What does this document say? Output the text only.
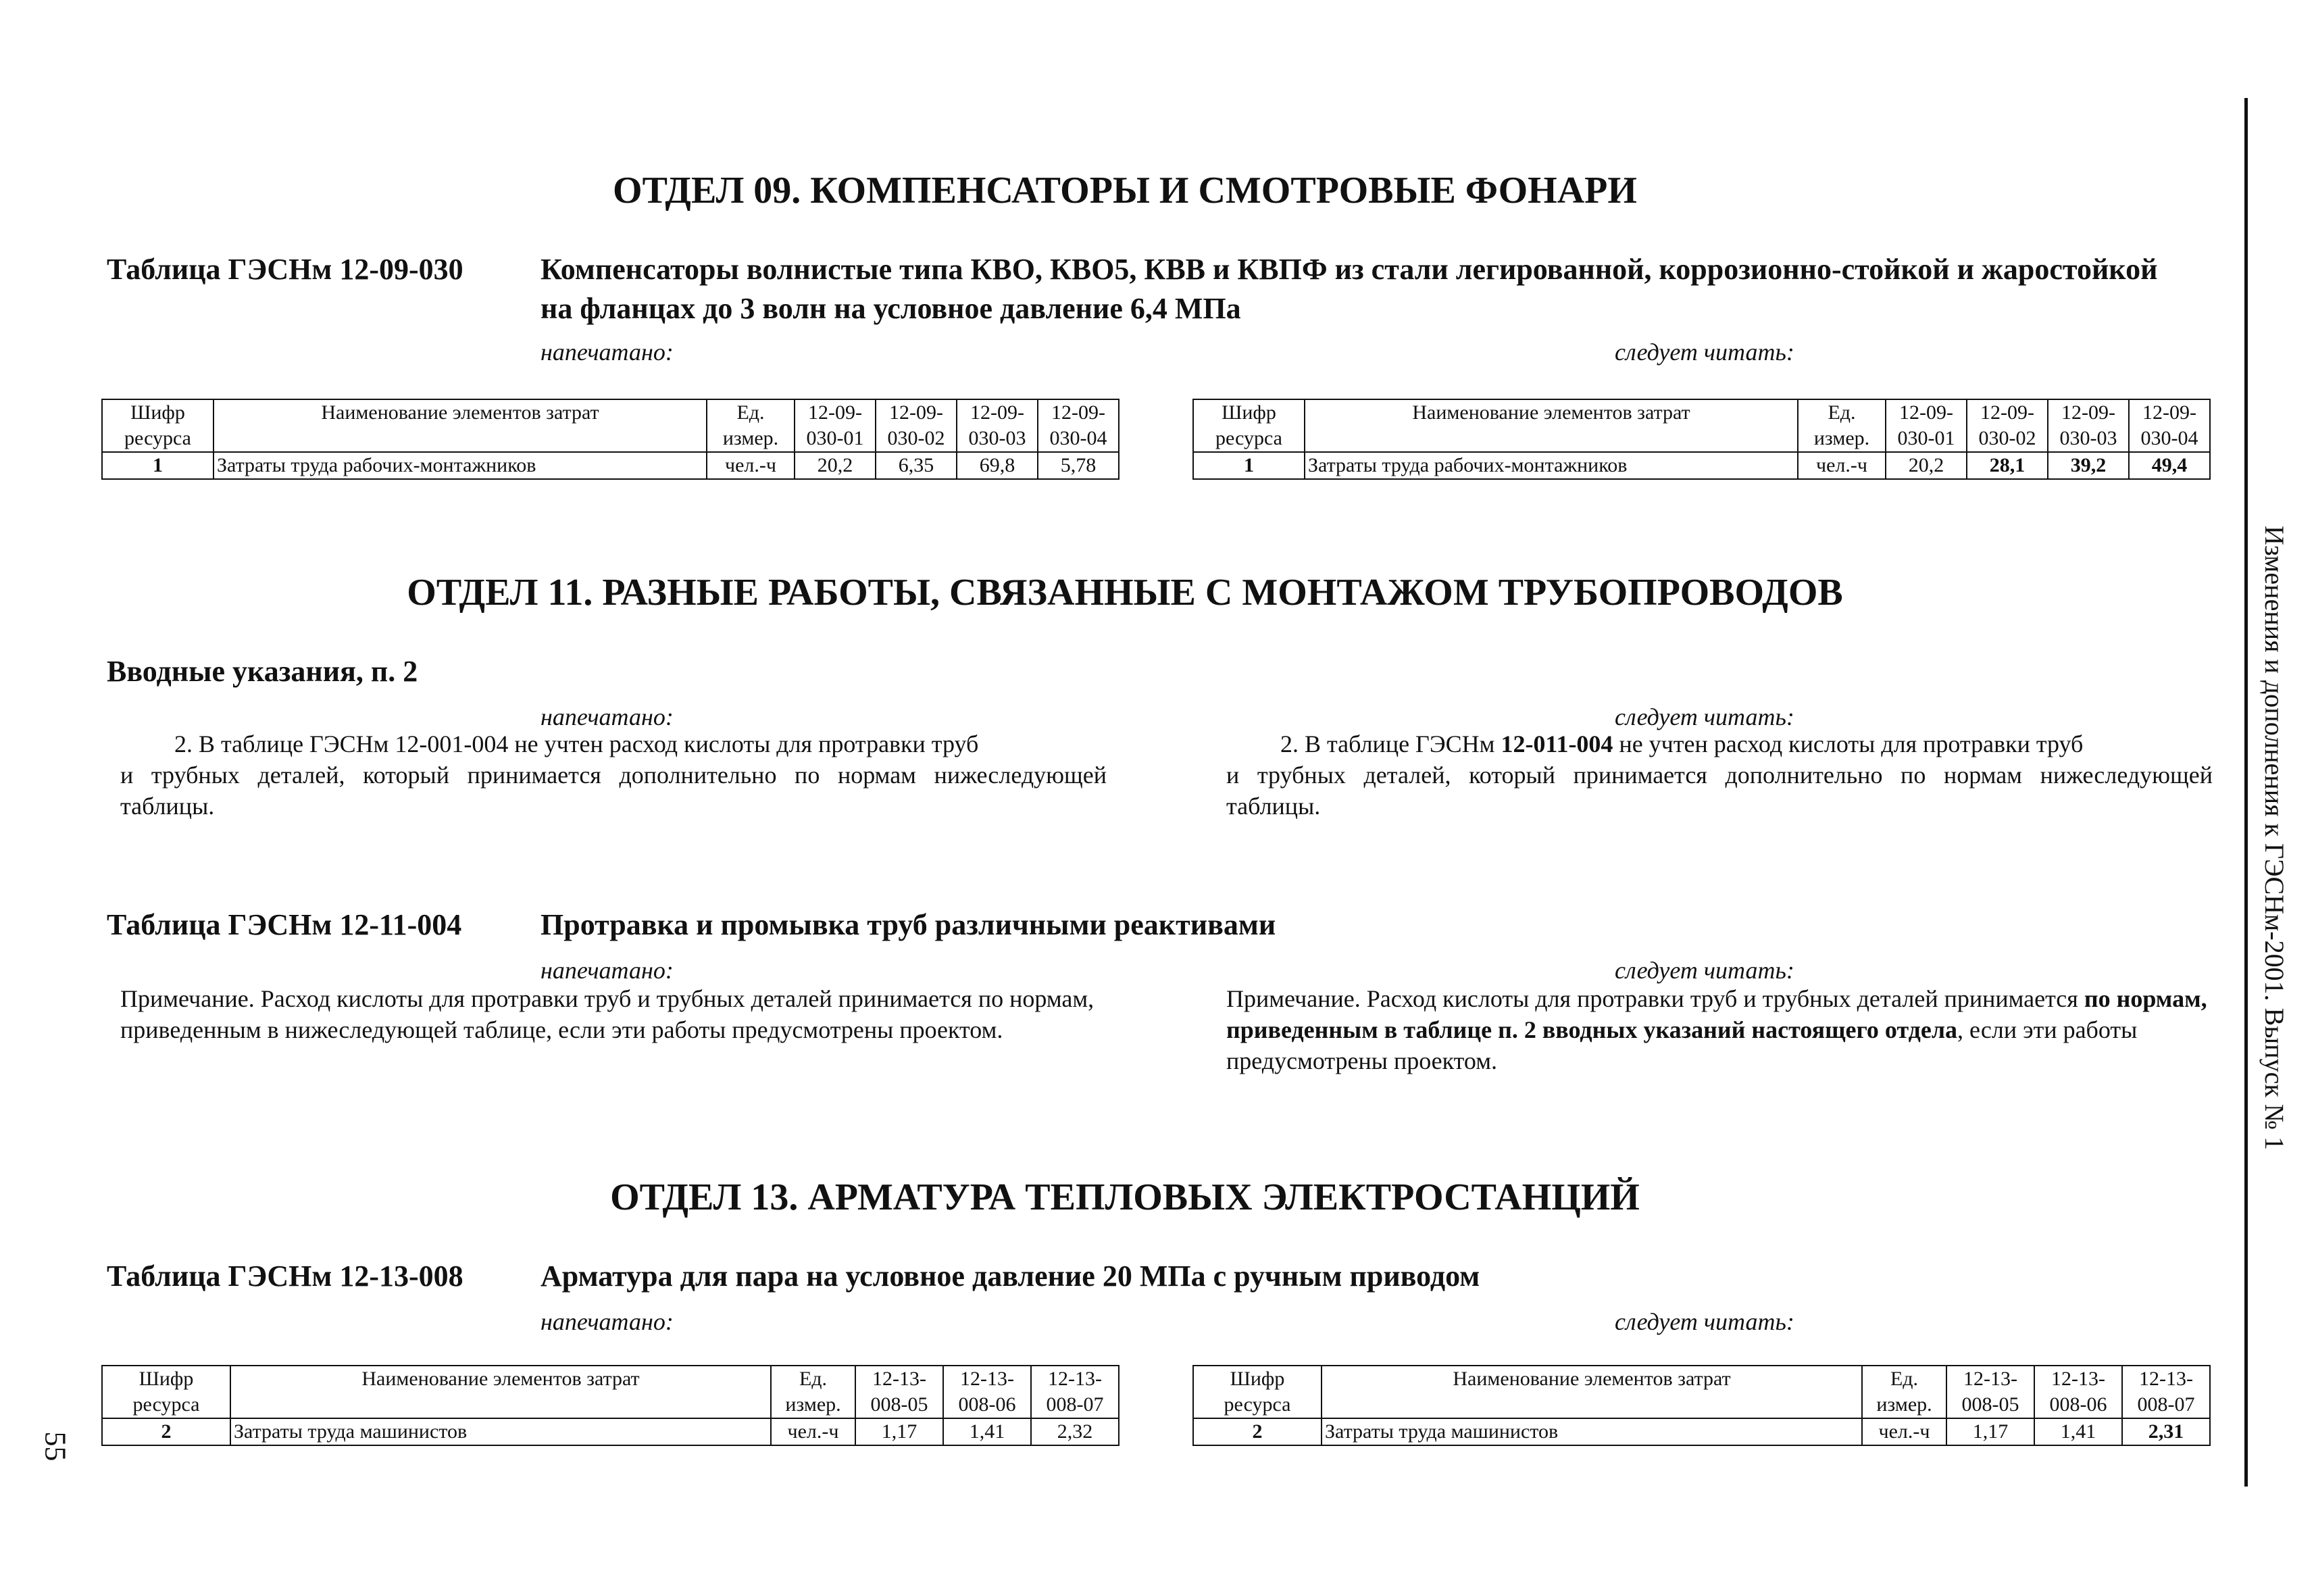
ОТДЕЛ 09. КОМПЕНСАТОРЫ И СМОТРОВЫЕ ФОНАРИ
Таблица ГЭСНм 12-09-030	Компенсаторы волнистые типа КВО, КВО5, КВВ и КВПФ из стали легированной, коррозионно-стойкой и жаростойкой на фланцах до 3 волн на условное давление 6,4 МПа
напечатано:	следует читать:
Шифр	Наименование элементов затрат	Ед.	12-09-	12-09-	12-09-	12-09-
ресурса		измер.	030-01	030-02	030-03	030-04
1	Затраты труда рабочих-монтажников	чел.-ч	20,2	6,35	69,8	5,78
Шифр	Наименование элементов затрат	Ед.	12-09-	12-09-	12-09-	12-09-
ресурса		измер.	030-01	030-02	030-03	030-04
1	Затраты труда рабочих-монтажников	чел.-ч	20,2	28,1	39,2	49,4
ОТДЕЛ 11. РАЗНЫЕ РАБОТЫ, СВЯЗАННЫЕ С МОНТАЖОМ ТРУБОПРОВОДОВ
Вводные указания, п. 2
напечатано:	следует читать:
2. В таблице ГЭСНм 12-001-004 не учтен расход кислоты для протравки труб
и трубных деталей, который принимается дополнительно по нормам нижеследующей таблицы.
2. В таблице ГЭСНм 12-011-004 не учтен расход кислоты для протравки труб
и трубных деталей, который принимается дополнительно по нормам нижеследующей таблицы.
Таблица ГЭСНм 12-11-004	Протравка и промывка труб различными реактивами
напечатано:	следует читать:
Примечание. Расход кислоты для протравки труб и трубных деталей принимается по нормам, приведенным в нижеследующей таблице, если эти работы предусмотрены проектом.
Примечание. Расход кислоты для протравки труб и трубных деталей принимается по нормам, приведенным в таблице п. 2 вводных указаний настоящего отдела, если эти работы предусмотрены проектом.
ОТДЕЛ 13. АРМАТУРА ТЕПЛОВЫХ ЭЛЕКТРОСТАНЦИЙ
Таблица ГЭСНм 12-13-008	Арматура для пара на условное давление 20 МПа с ручным приводом
напечатано:	следует читать:
Шифр	Наименование элементов затрат	Ед.	12-13-	12-13-	12-13-
ресурса		измер.	008-05	008-06	008-07
2	Затраты труда машинистов	чел.-ч	1,17	1,41	2,32
Шифр	Наименование элементов затрат	Ед.	12-13-	12-13-	12-13-
ресурса		измер.	008-05	008-06	008-07
2	Затраты труда машинистов	чел.-ч	1,17	1,41	2,31
Изменения и дополнения к ГЭСНм-2001. Выпуск № 1
55
